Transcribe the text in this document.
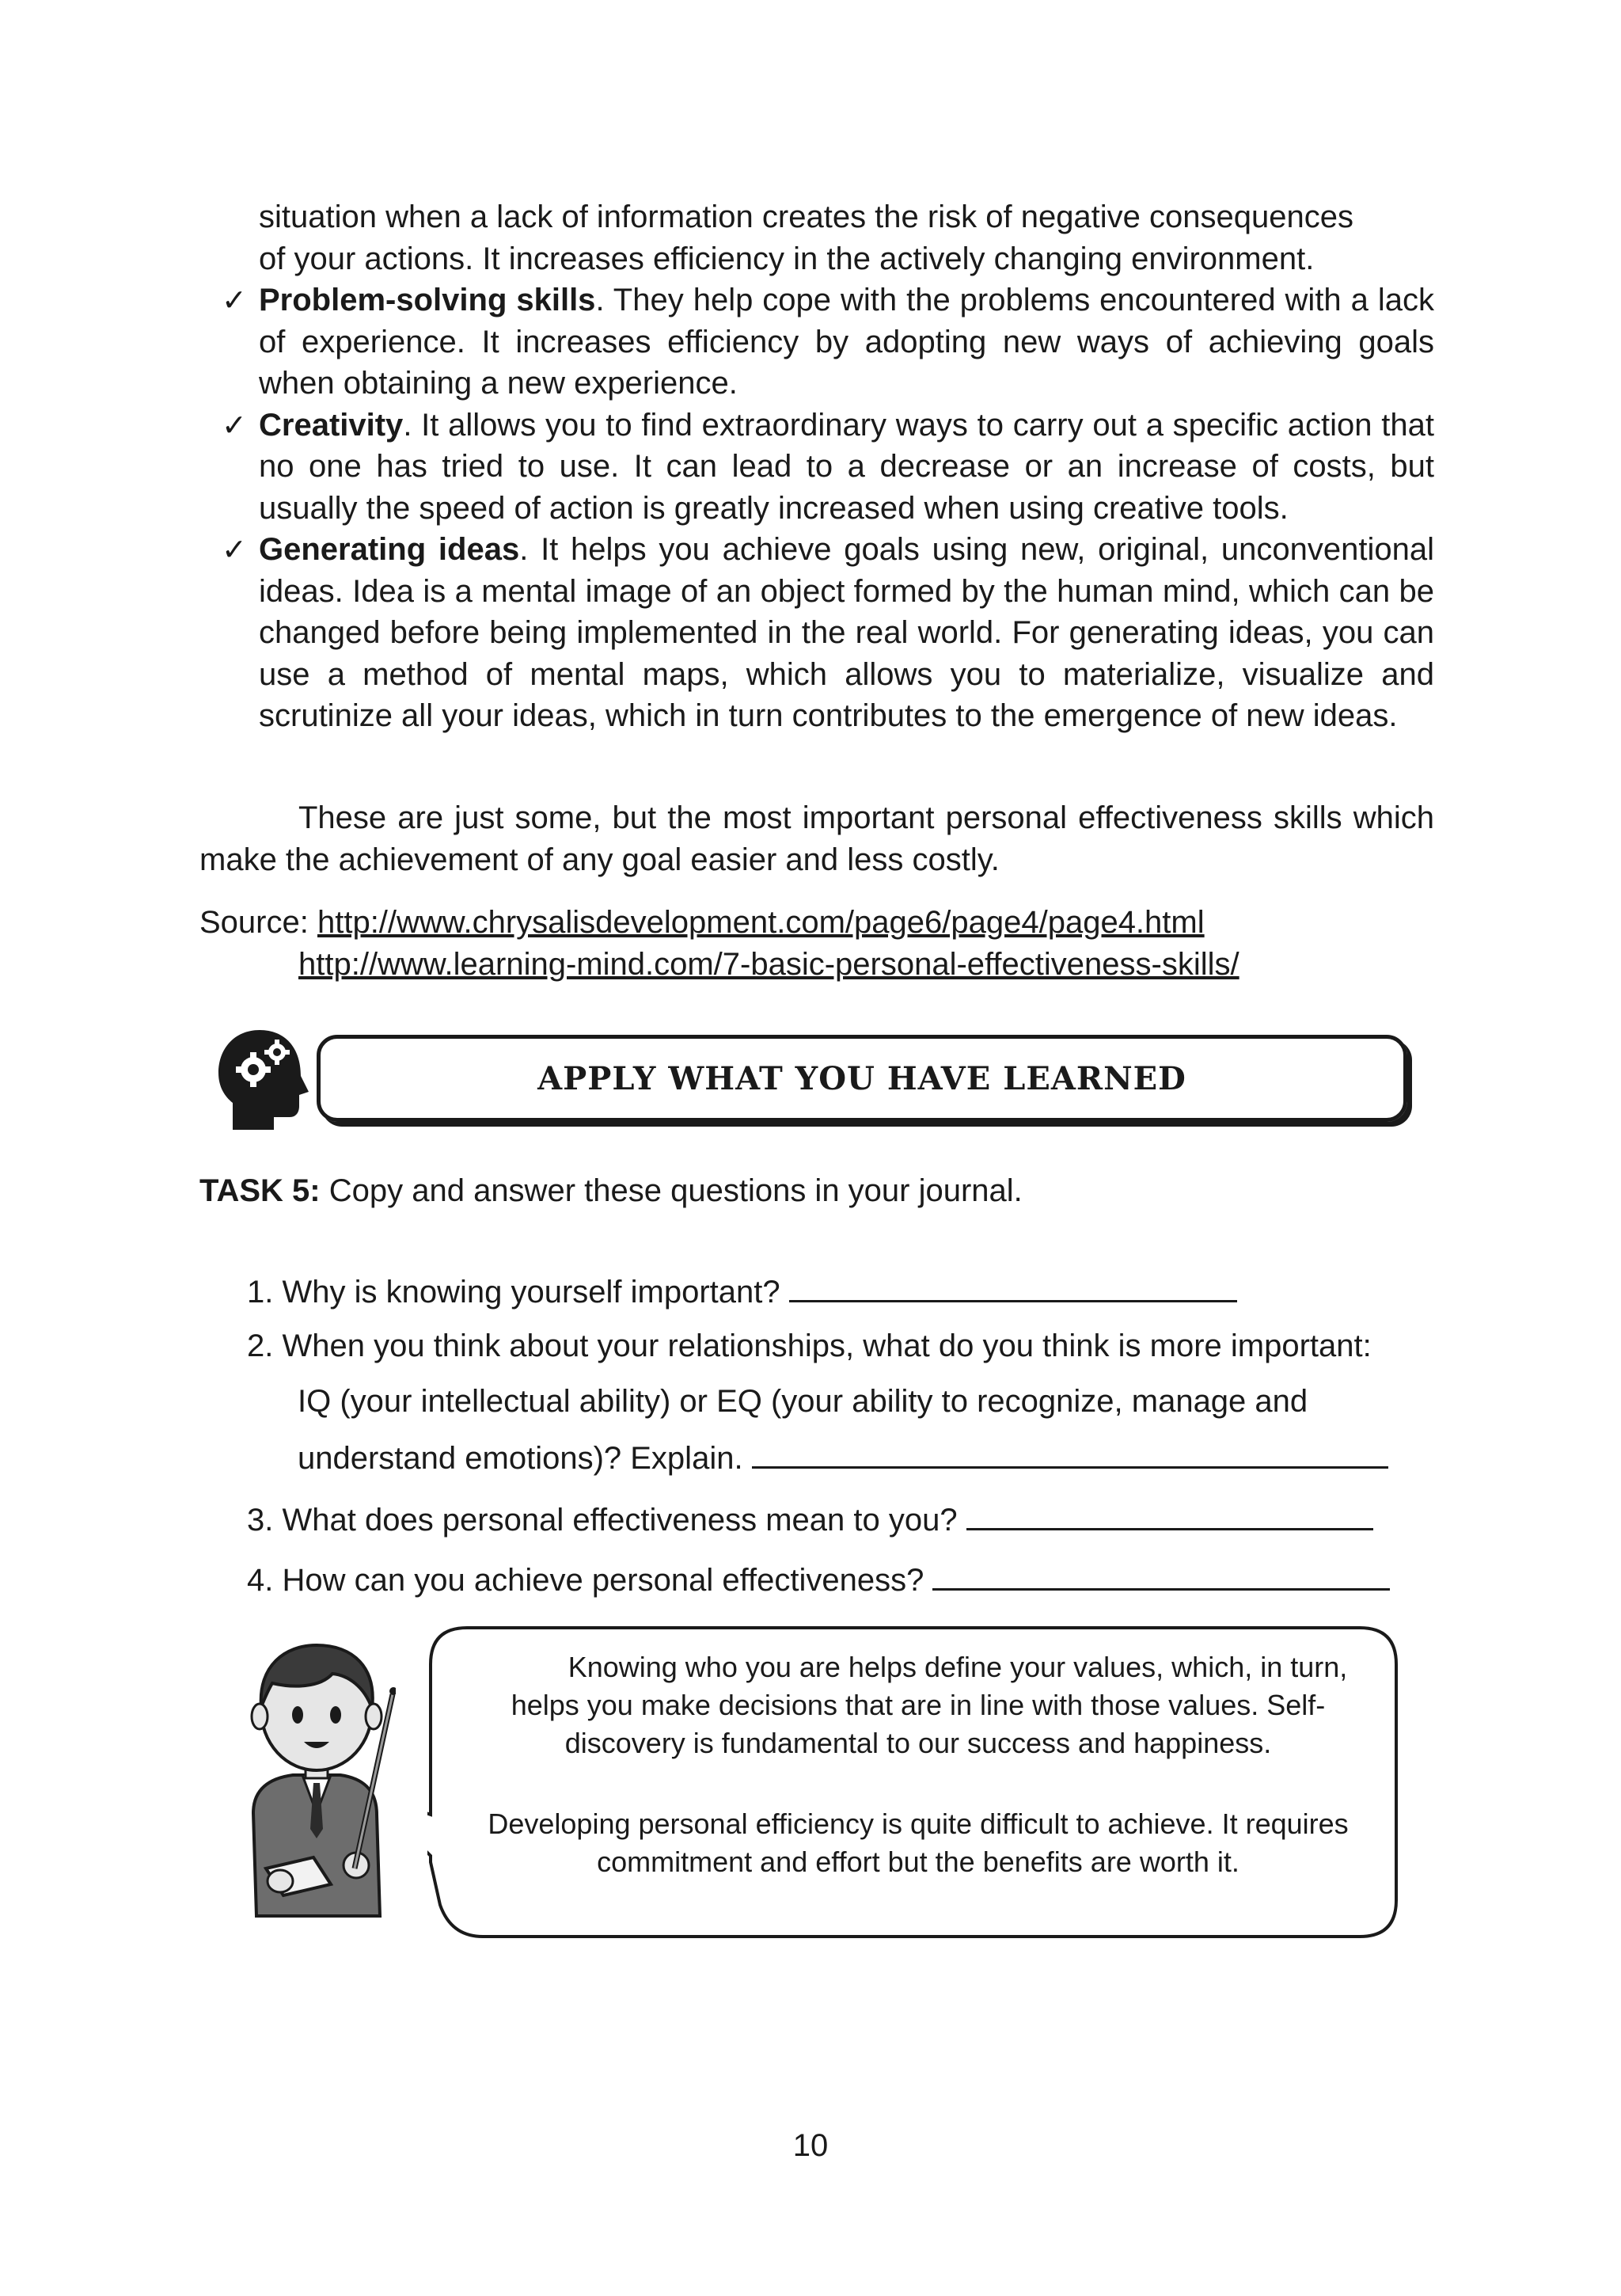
situation when a lack of information creates the risk of negative consequences
of your actions. It increases efficiency in the actively changing environment.
✓ Problem-solving skills. They help cope with the problems encountered with a lack of experience. It increases efficiency by adopting new ways of achieving goals when obtaining a new experience.
✓ Creativity. It allows you to find extraordinary ways to carry out a specific action that no one has tried to use. It can lead to a decrease or an increase of costs, but usually the speed of action is greatly increased when using creative tools.
✓ Generating ideas. It helps you achieve goals using new, original, unconventional ideas. Idea is a mental image of an object formed by the human mind, which can be changed before being implemented in the real world. For generating ideas, you can use a method of mental maps, which allows you to materialize, visualize and scrutinize all your ideas, which in turn contributes to the emergence of new ideas.
These are just some, but the most important personal effectiveness skills which make the achievement of any goal easier and less costly.
Source: http://www.chrysalisdevelopment.com/page6/page4/page4.html
http://www.learning-mind.com/7-basic-personal-effectiveness-skills/
APPLY WHAT YOU HAVE LEARNED
TASK 5: Copy and answer these questions in your journal.
1. Why is knowing yourself important?
2. When you think about your relationships, what do you think is more important:
IQ (your intellectual ability) or EQ (your ability to recognize, manage and
understand emotions)? Explain.
3. What does personal effectiveness mean to you?
4. How can you achieve personal effectiveness?
Knowing who you are helps define your values, which, in turn,
helps you make decisions that are in line with those values. Self-
discovery is fundamental to our success and happiness.
Developing personal efficiency is quite difficult to achieve. It requires
commitment and effort but the benefits are worth it.
10
